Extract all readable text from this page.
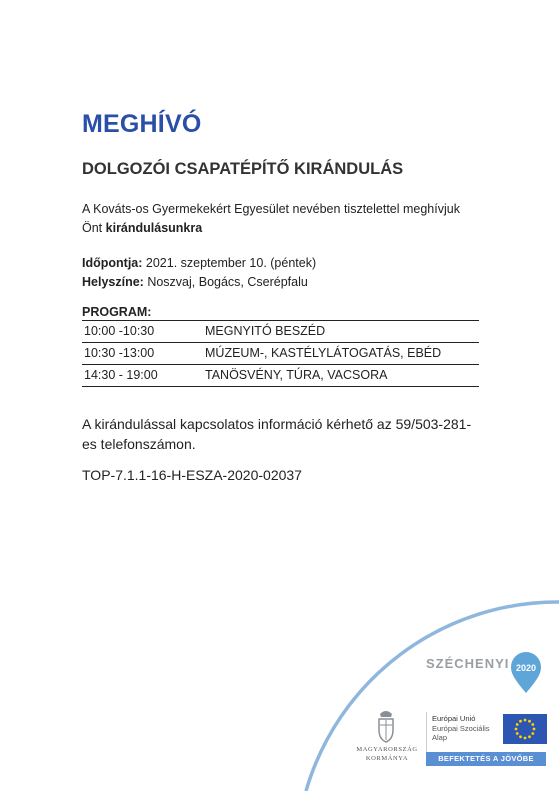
MEGHÍVÓ
DOLGOZÓI CSAPATÉPÍTŐ KIRÁNDULÁS
A Kováts-os Gyermekekért Egyesület nevében tisztelettel meghívjuk Önt kirándulásunkra
Időpontja: 2021. szeptember 10. (péntek)
Helyszíne: Noszvaj, Bogács, Cserépfalu
PROGRAM:
10:00 -10:30	MEGNYITÓ BESZÉD
10:30 -13:00	MÚZEUM-, KASTÉLYLÁTOGATÁS, EBÉD
14:30 - 19:00	TANÖSVÉNY, TÚRA, VACSORA
A kirándulással kapcsolatos információ kérhető az 59/503-281-es telefonszámon.
TOP-7.1.1-16-H-ESZA-2020-02037
SZÉCHENYI 2020
MAGYARORSZÁG
KORMÁNYA
Európai Unió
Európai Szociális
Alap
BEFEKTETÉS A JÖVŐBE
